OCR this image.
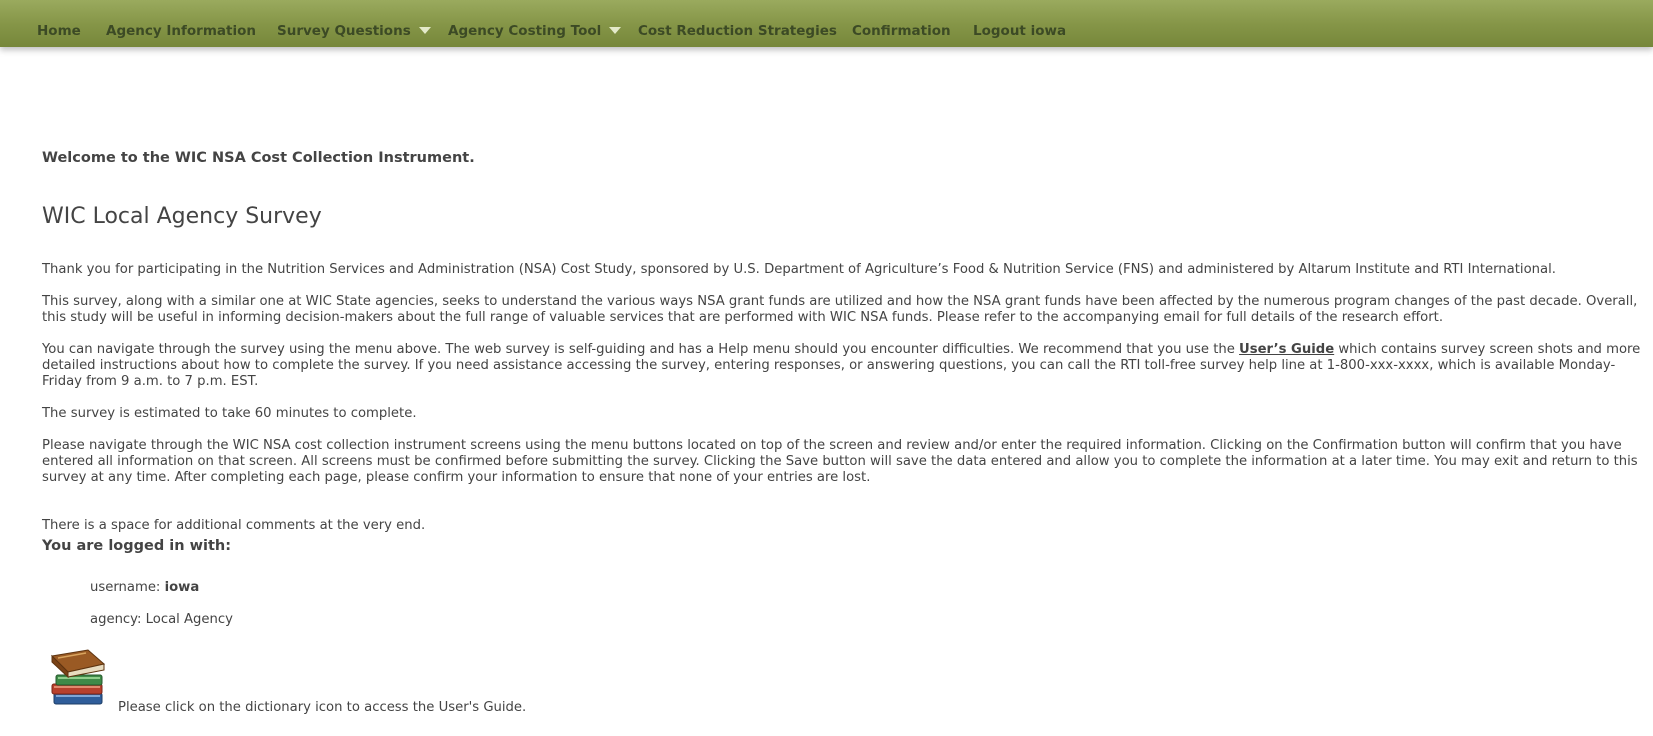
Home Agency Information Survey Questions	Agency Costing Tool	Cost Reduction Strategies Confirmation Logout iowa
Welcome to the WIC NSA Cost Collection Instrument.
WIC Local Agency Survey

Thank you for participating in the Nutrition Services and Administration (NSA) Cost Study, sponsored by U.S. Department of Agriculture’s Food & Nutrition Service (FNS) and administered by Altarum Institute and RTI International.

This survey, along with a similar one at WIC State agencies, seeks to understand the various ways NSA grant funds are utilized and how the NSA grant funds have been affected by the numerous program changes of the past decade. Overall, this study will be useful in informing decision-makers about the full range of valuable services that are performed with WIC NSA funds. Please refer to the accompanying email for full details of the research effort.

You can navigate through the survey using the menu above. The web survey is self-guiding and has a Help menu should you encounter difficulties. We recommend that you use the User’s Guide which contains survey screen shots and more detailed instructions about how to complete the survey. If you need assistance accessing the survey, entering responses, or answering questions, you can call the RTI toll-free survey help line at 1-800-xxx-xxxx, which is available Monday-Friday from 9 a.m. to 7 p.m. EST.

The survey is estimated to take 60 minutes to complete.

Please navigate through the WIC NSA cost collection instrument screens using the menu buttons located on top of the screen and review and/or enter the required information. Clicking on the Confirmation button will confirm that you have entered all information on that screen. All screens must be confirmed before submitting the survey. Clicking the Save button will save the data entered and allow you to complete the information at a later time. You may exit and return to this survey at any time. After completing each page, please confirm your information to ensure that none of your entries are lost.

There is a space for additional comments at the very end.

You are logged in with:
username: iowa
agency: Local Agency
Please click on the dictionary icon to access the User's Guide.
